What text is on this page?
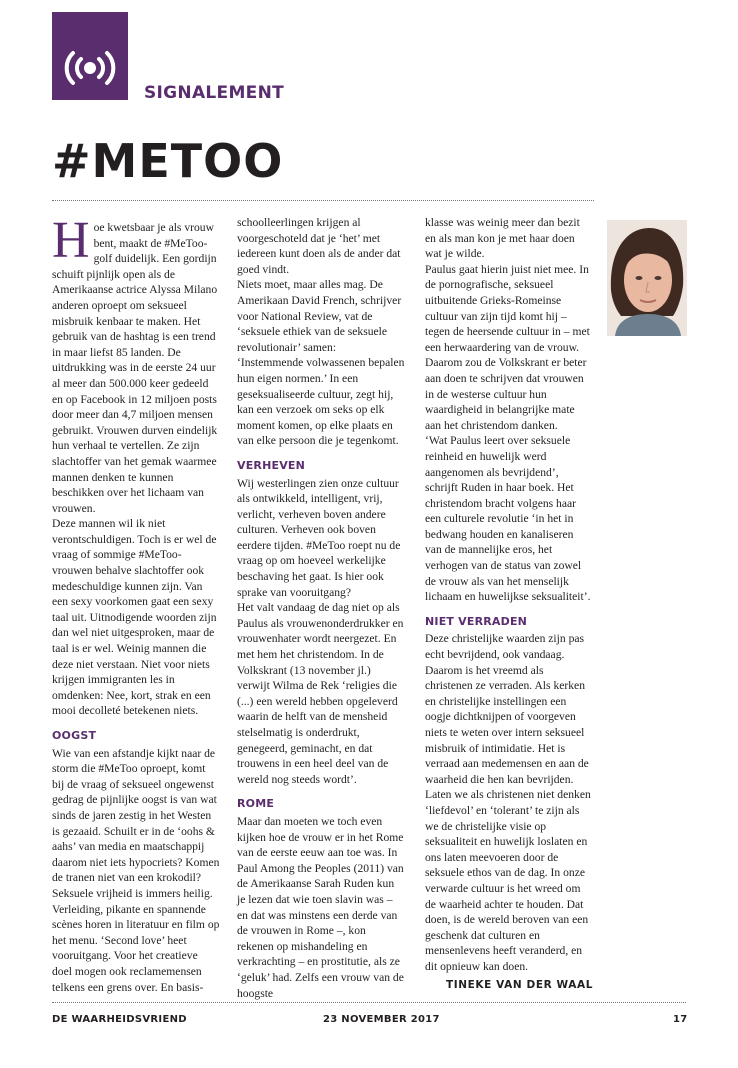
SIGNALEMENT
#METOO

Hoe kwetsbaar je als vrouw bent, maakt de #MeToo-golf duidelijk. Een gordijn schuift pijnlijk open als de Amerikaanse actrice Alyssa Milano anderen oproept om seksueel misbruik kenbaar te maken. Het gebruik van de hashtag is een trend in maar liefst 85 landen. De uitdrukking was in de eerste 24 uur al meer dan 500.000 keer gedeeld en op Facebook in 12 miljoen posts door meer dan 4,7 miljoen mensen gebruikt. Vrouwen durven eindelijk hun verhaal te vertellen. Ze zijn slachtoffer van het gemak waarmee mannen denken te kunnen beschikken over het lichaam van vrouwen.

Deze mannen wil ik niet verontschuldigen. Toch is er wel de vraag of sommige #MeToo-vrouwen behalve slachtoffer ook medeschuldige kunnen zijn. Van een sexy voorkomen gaat een sexy taal uit. Uitnodigende woorden zijn dan wel niet uitgesproken, maar de taal is er wel. Weinig mannen die deze niet verstaan. Niet voor niets krijgen immigranten les in omdenken: Nee, kort, strak en een mooi decolleté betekenen niets.

OOGST

Wie van een afstandje kijkt naar de storm die #MeToo oproept, komt bij de vraag of seksueel ongewenst gedrag de pijnlijke oogst is van wat sinds de jaren zestig in het Westen is gezaaid. Schuilt er in de ‘oohs & aahs’ van media en maatschappij daarom niet iets hypocriets? Komen de tranen niet van een krokodil?

Seksuele vrijheid is immers heilig. Verleiding, pikante en spannende scènes horen in literatuur en film op het menu. ‘Second love’ heet vooruitgang. Voor het creatieve doel mogen ook reclamemensen telkens een grens over. En basis-

schoolleerlingen krijgen al voorgeschoteld dat je ‘het’ met iedereen kunt doen als de ander dat goed vindt.

Niets moet, maar alles mag. De Amerikaan David French, schrijver voor National Review, vat de ‘seksuele ethiek van de seksuele revolutionair’ samen: ‘Instemmende volwassenen bepalen hun eigen normen.’ In een geseksualiseerde cultuur, zegt hij, kan een verzoek om seks op elk moment komen, op elke plaats en van elke persoon die je tegenkomt.

VERHEVEN

Wij westerlingen zien onze cultuur als ontwikkeld, intelligent, vrij, verlicht, verheven boven andere culturen. Verheven ook boven eerdere tijden. #MeToo roept nu de vraag op om hoeveel werkelijke beschaving het gaat. Is hier ook sprake van vooruitgang?

Het valt vandaag de dag niet op als Paulus als vrouwenonderdrukker en vrouwenhater wordt neergezet. En met hem het christendom. In de Volkskrant (13 november jl.) verwijt Wilma de Rek ‘religies die (...) een wereld hebben opgeleverd waarin de helft van de mensheid stelselmatig is onderdrukt, genegeerd, geminacht, en dat trouwens in een heel deel van de wereld nog steeds wordt’.

ROME

Maar dan moeten we toch even kijken hoe de vrouw er in het Rome van de eerste eeuw aan toe was. In Paul Among the Peoples (2011) van de Amerikaanse Sarah Ruden kun je lezen dat wie toen slavin was – en dat was minstens een derde van de vrouwen in Rome –, kon rekenen op mishandeling en verkrachting – en prostitutie, als ze ‘geluk’ had. Zelfs een vrouw van de hoogste

klasse was weinig meer dan bezit en als man kon je met haar doen wat je wilde.

Paulus gaat hierin juist niet mee. In de pornografische, seksueel uitbuitende Grieks-Romeinse cultuur van zijn tijd komt hij – tegen de heersende cultuur in – met een herwaardering van de vrouw. Daarom zou de Volkskrant er beter aan doen te schrijven dat vrouwen in de westerse cultuur hun waardigheid in belangrijke mate aan het christendom danken.

‘Wat Paulus leert over seksuele reinheid en huwelijk werd aangenomen als bevrijdend’, schrijft Ruden in haar boek. Het christendom bracht volgens haar een culturele revolutie ‘in het in bedwang houden en kanaliseren van de mannelijke eros, het verhogen van de status van zowel de vrouw als van het menselijk lichaam en huwelijkse seksualiteit’.

NIET VERRADEN

Deze christelijke waarden zijn pas echt bevrijdend, ook vandaag. Daarom is het vreemd als christenen ze verraden. Als kerken en christelijke instellingen een oogje dichtknijpen of voorgeven niets te weten over intern seksueel misbruik of intimidatie. Het is verraad aan medemensen en aan de waarheid die hen kan bevrijden.

Laten we als christenen niet denken ‘liefdevol’ en ‘tolerant’ te zijn als we de christelijke visie op seksualiteit en huwelijk loslaten en ons laten meevoeren door de seksuele ethos van de dag. In onze verwarde cultuur is het wreed om de waarheid achter te houden. Dat doen, is de wereld beroven van een geschenk dat culturen en mensenlevens heeft veranderd, en dit opnieuw kan doen.

TINEKE VAN DER WAAL
DE WAARHEIDSVRIEND	23 NOVEMBER 2017	17
